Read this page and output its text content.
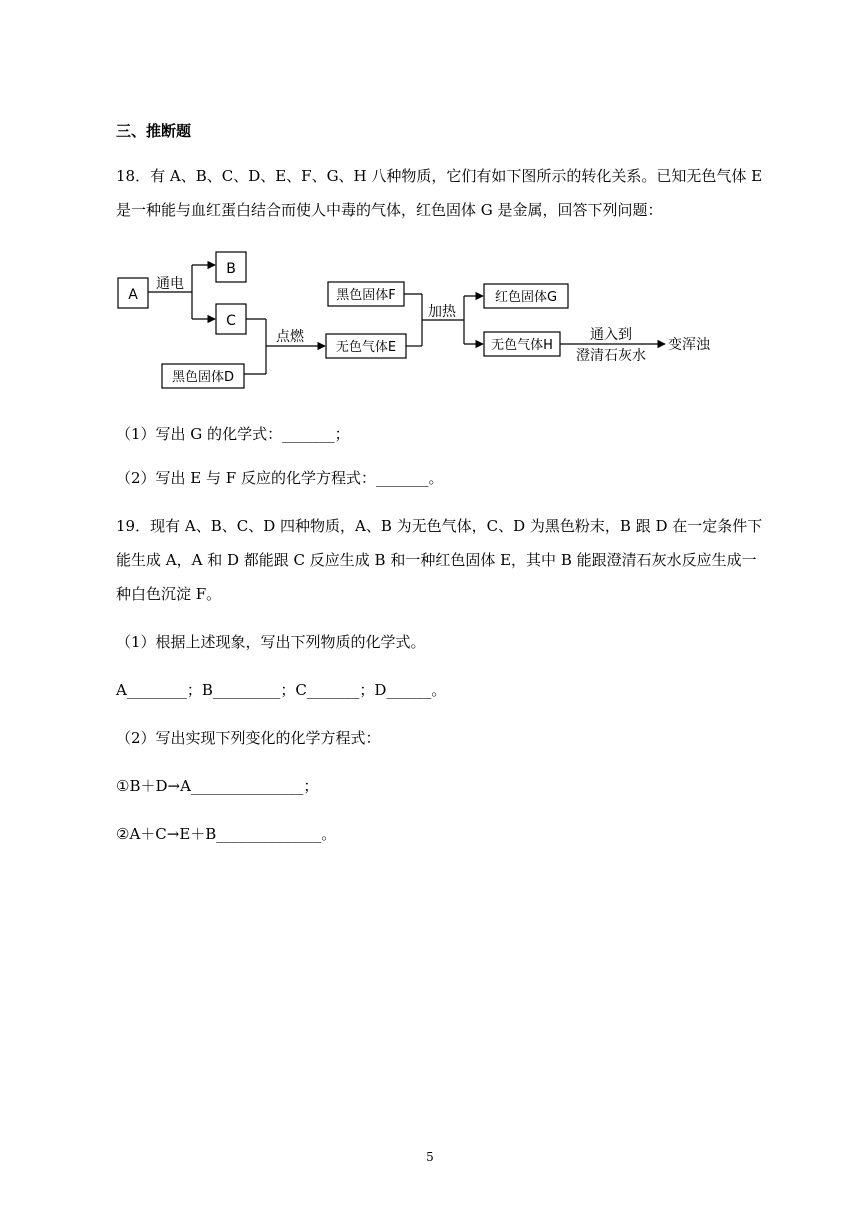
三、推断题
18．有 A、B、C、D、E、F、G、H 八种物质，它们有如下图所示的转化关系。已知无色气体 E
是一种能与血红蛋白结合而使人中毒的气体，红色固体 G 是金属，回答下列问题：
A
B
C
黑色固体D
黑色固体F
无色气体E
红色固体G
无色气体H
通电
点燃
加热
通入到
澄清石灰水
变浑浊
（1）写出 G 的化学式：_______；
（2）写出 E 与 F 反应的化学方程式：_______。
19．现有 A、B、C、D 四种物质，A、B 为无色气体，C、D 为黑色粉末，B 跟 D 在一定条件下
能生成 A，A 和 D 都能跟 C 反应生成 B 和一种红色固体 E，其中 B 能跟澄清石灰水反应生成一
种白色沉淀 F。
（1）根据上述现象，写出下列物质的化学式。
A________；B_________；C_______；D______。
（2）写出实现下列变化的化学方程式：
①B＋D→A_______________；
②A＋C→E＋B______________。
5
